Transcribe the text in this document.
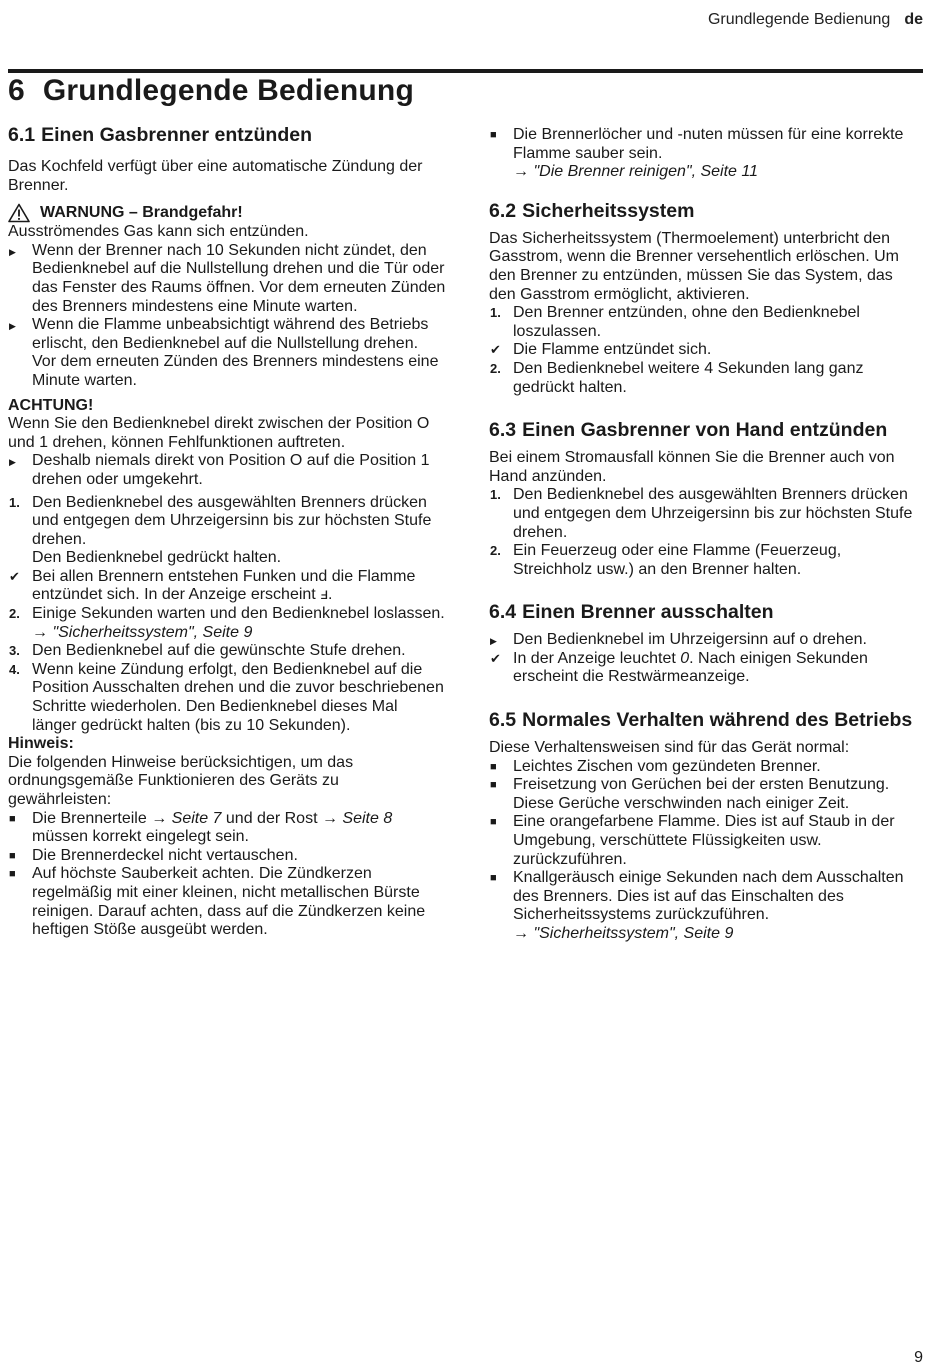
Grundlegende Bedienung de
6 Grundlegende Bedienung
6.1 Einen Gasbrenner entzünden

Das Kochfeld verfügt über eine automatische Zündung der Brenner.

WARNUNG – Brandgefahr!

Ausströmendes Gas kann sich entzünden.

▶ Wenn der Brenner nach 10 Sekunden nicht zündet, den Bedienknebel auf die Nullstellung drehen und die Tür oder das Fenster des Raums öffnen. Vor dem erneuten Zünden des Brenners mindestens eine Minute warten.
▶ Wenn die Flamme unbeabsichtigt während des Betriebs erlischt, den Bedienknebel auf die Nullstellung drehen. Vor dem erneuten Zünden des Brenners mindestens eine Minute warten.

ACHTUNG!

Wenn Sie den Bedienknebel direkt zwischen der Position O und 1 drehen, können Fehlfunktionen auftreten.

▶ Deshalb niemals direkt von Position O auf die Position 1 drehen oder umgekehrt.
1. Den Bedienknebel des ausgewählten Brenners drücken und entgegen dem Uhrzeigersinn bis zur höchsten Stufe drehen.
Den Bedienknebel gedrückt halten.
✔ Bei allen Brennern entstehen Funken und die Flamme entzündet sich. In der Anzeige erscheint ⅎ.
2. Einige Sekunden warten und den Bedienknebel loslassen.
→ "Sicherheitssystem", Seite 9
3. Den Bedienknebel auf die gewünschte Stufe drehen.
4. Wenn keine Zündung erfolgt, den Bedienknebel auf die Position Ausschalten drehen und die zuvor beschriebenen Schritte wiederholen. Den Bedienknebel dieses Mal länger gedrückt halten (bis zu 10 Sekunden).

Hinweis:

Die folgenden Hinweise berücksichtigen, um das ordnungsgemäße Funktionieren des Geräts zu gewährleisten:

■ Die Brennerteile → Seite 7 und der Rost → Seite 8 müssen korrekt eingelegt sein.
■ Die Brennerdeckel nicht vertauschen.
■ Auf höchste Sauberkeit achten. Die Zündkerzen regelmäßig mit einer kleinen, nicht metallischen Bürste reinigen. Darauf achten, dass auf die Zündkerzen keine heftigen Stöße ausgeübt werden.
■ Die Brennerlöcher und -nuten müssen für eine korrekte Flamme sauber sein.
→ "Die Brenner reinigen", Seite 11
6.2 Sicherheitssystem

Das Sicherheitssystem (Thermoelement) unterbricht den Gasstrom, wenn die Brenner versehentlich erlöschen. Um den Brenner zu entzünden, müssen Sie das System, das den Gasstrom ermöglicht, aktivieren.

1. Den Brenner entzünden, ohne den Bedienknebel loszulassen.
✔ Die Flamme entzündet sich.
2. Den Bedienknebel weitere 4 Sekunden lang ganz gedrückt halten.
6.3 Einen Gasbrenner von Hand entzünden

Bei einem Stromausfall können Sie die Brenner auch von Hand anzünden.

1. Den Bedienknebel des ausgewählten Brenners drücken und entgegen dem Uhrzeigersinn bis zur höchsten Stufe drehen.
2. Ein Feuerzeug oder eine Flamme (Feuerzeug, Streichholz usw.) an den Brenner halten.
6.4 Einen Brenner ausschalten
▶ Den Bedienknebel im Uhrzeigersinn auf o drehen.
✔ In der Anzeige leuchtet 0. Nach einigen Sekunden erscheint die Restwärmeanzeige.
6.5 Normales Verhalten während des Betriebs

Diese Verhaltensweisen sind für das Gerät normal:

■ Leichtes Zischen vom gezündeten Brenner.
■ Freisetzung von Gerüchen bei der ersten Benutzung. Diese Gerüche verschwinden nach einiger Zeit.
■ Eine orangefarbene Flamme. Dies ist auf Staub in der Umgebung, verschüttete Flüssigkeiten usw. zurückzuführen.
■ Knallgeräusch einige Sekunden nach dem Ausschalten des Brenners. Dies ist auf das Einschalten des Sicherheitssystems zurückzuführen.
→ "Sicherheitssystem", Seite 9
9
